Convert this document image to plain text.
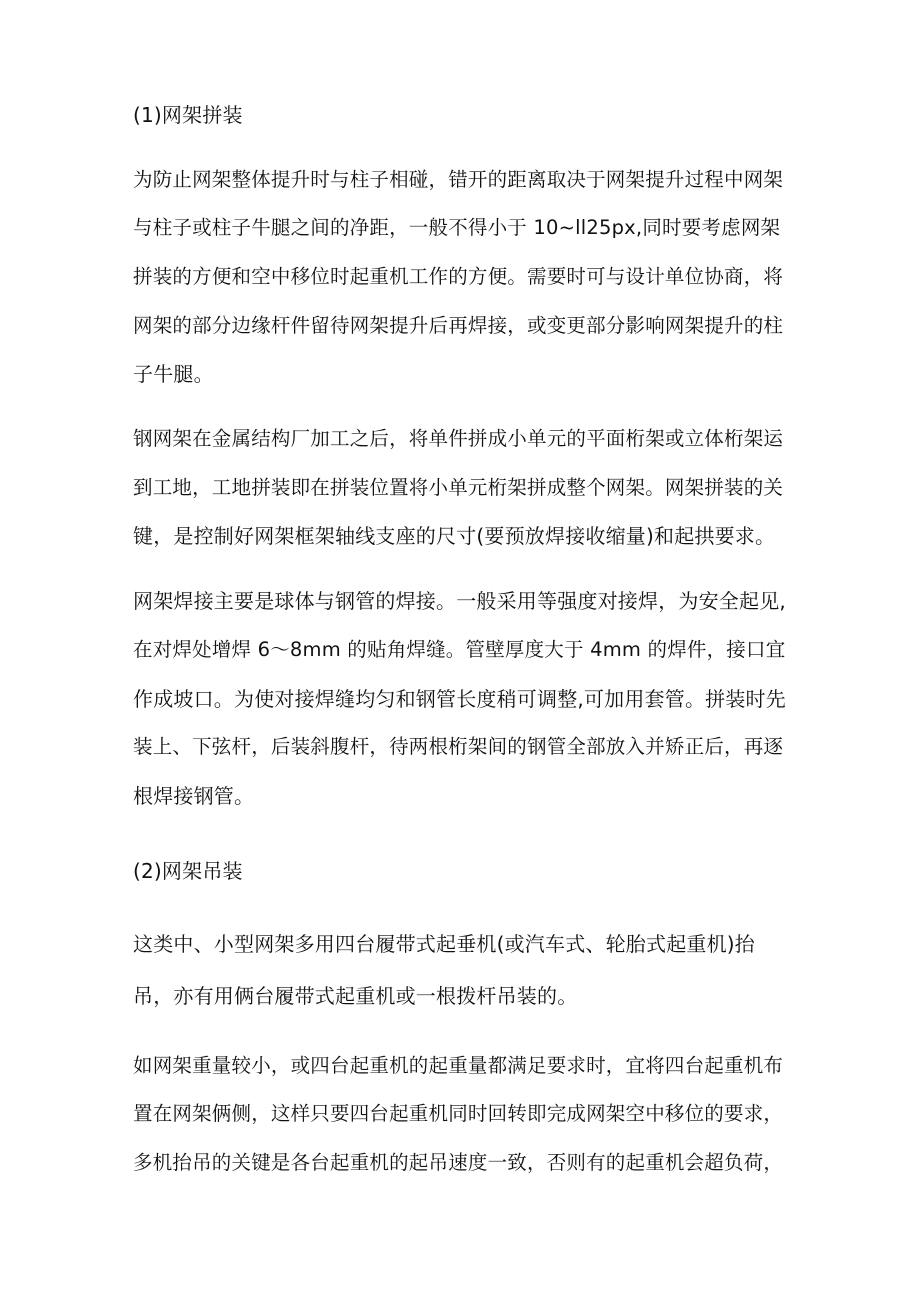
(1)网架拼装
为防止网架整体提升时与柱子相碰，错开的距离取决于网架提升过程中网架
与柱子或柱子牛腿之间的净距，一般不得小于 10~ll25px,同时要考虑网架
拼装的方便和空中移位时起重机工作的方便。需要时可与设计单位协商，将
网架的部分边缘杆件留待网架提升后再焊接，或变更部分影响网架提升的柱
子牛腿。
钢网架在金属结构厂加工之后，将单件拼成小单元的平面桁架或立体桁架运
到工地，工地拼装即在拼装位置将小单元桁架拼成整个网架。网架拼装的关
键，是控制好网架框架轴线支座的尺寸(要预放焊接收缩量)和起拱要求。
网架焊接主要是球体与钢管的焊接。一般采用等强度对接焊，为安全起见,
在对焊处增焊 6～8mm 的贴角焊缝。管壁厚度大于 4mm 的焊件，接口宜
作成坡口。为使对接焊缝均匀和钢管长度稍可调整,可加用套管。拼装时先
装上、下弦杆，后装斜腹杆，待两根桁架间的钢管全部放入并矫正后，再逐
根焊接钢管。
(2)网架吊装
这类中、小型网架多用四台履带式起垂机(或汽车式、轮胎式起重机)抬
吊，亦有用俩台履带式起重机或一根拨杆吊装的。
如网架重量较小，或四台起重机的起重量都满足要求时，宜将四台起重机布
置在网架俩侧，这样只要四台起重机同时回转即完成网架空中移位的要求，
多机抬吊的关键是各台起重机的起吊速度一致，否则有的起重机会超负荷，
